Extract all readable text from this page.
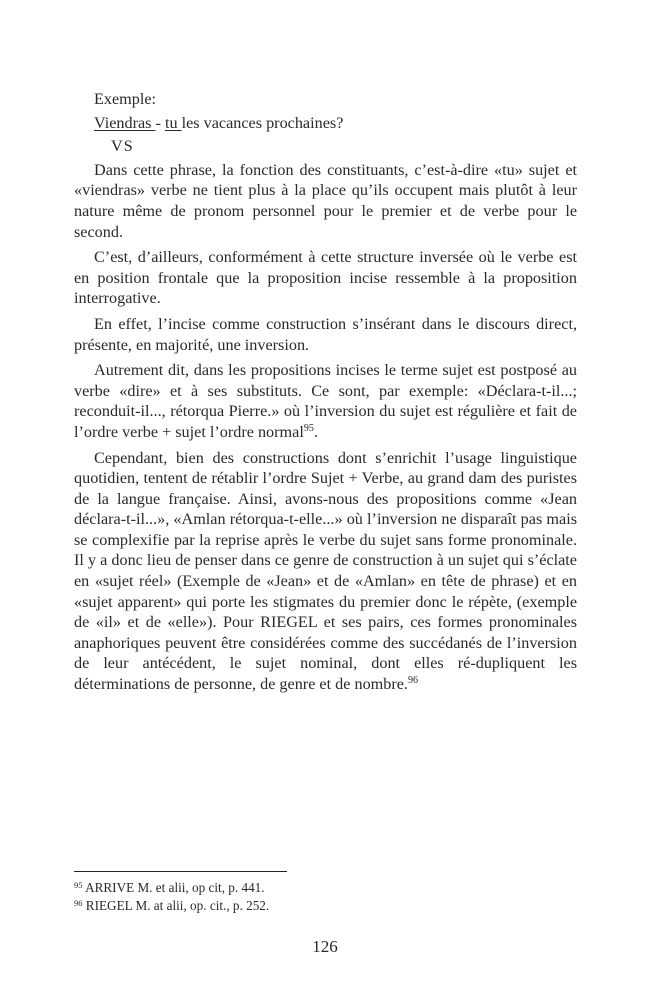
Exemple:
Viendras - tu les vacances prochaines?
VS

Dans cette phrase, la fonction des constituants, c’est-à-dire «tu» sujet et «viendras» verbe ne tient plus à la place qu’ils occupent mais plutôt à leur nature même de pronom personnel pour le premier et de verbe pour le second.

C’est, d’ailleurs, conformément à cette structure inversée où le verbe est en position frontale que la proposition incise ressemble à la proposition interrogative.

En effet, l’incise comme construction s’insérant dans le discours direct, présente, en majorité, une inversion.

Autrement dit, dans les propositions incises le terme sujet est postposé au verbe «dire» et à ses substituts. Ce sont, par exemple: «Déclara-t-il...; reconduit-il..., rétorqua Pierre.» où l’inversion du sujet est régulière et fait de l’ordre verbe + sujet l’ordre normal$^{95}$.

Cependant, bien des constructions dont s’enrichit l’usage linguistique quotidien, tentent de rétablir l’ordre Sujet + Verbe, au grand dam des puristes de la langue française. Ainsi, avons-nous des propositions comme «Jean déclara-t-il...», «Amlan rétorqua-t-elle...» où l’inversion ne disparaît pas mais se complexifie par la reprise après le verbe du sujet sans forme pronominale. Il y a donc lieu de penser dans ce genre de construction à un sujet qui s’éclate en «sujet réel» (Exemple de «Jean» et de «Amlan» en tête de phrase) et en «sujet apparent» qui porte les stigmates du premier donc le répète, (exemple de «il» et de «elle»). Pour RIEGEL et ses pairs, ces formes pronominales anaphoriques peuvent être considérées comme des succédanés de l’inversion de leur antécédent, le sujet nominal, dont elles ré-dupliquent les déterminations de personne, de genre et de nombre.$^{96}$

$^{95}$ ARRIVE M. et alii, op cit, p. 441.
$^{96}$ RIEGEL M. at alii, op. cit., p. 252.
126
